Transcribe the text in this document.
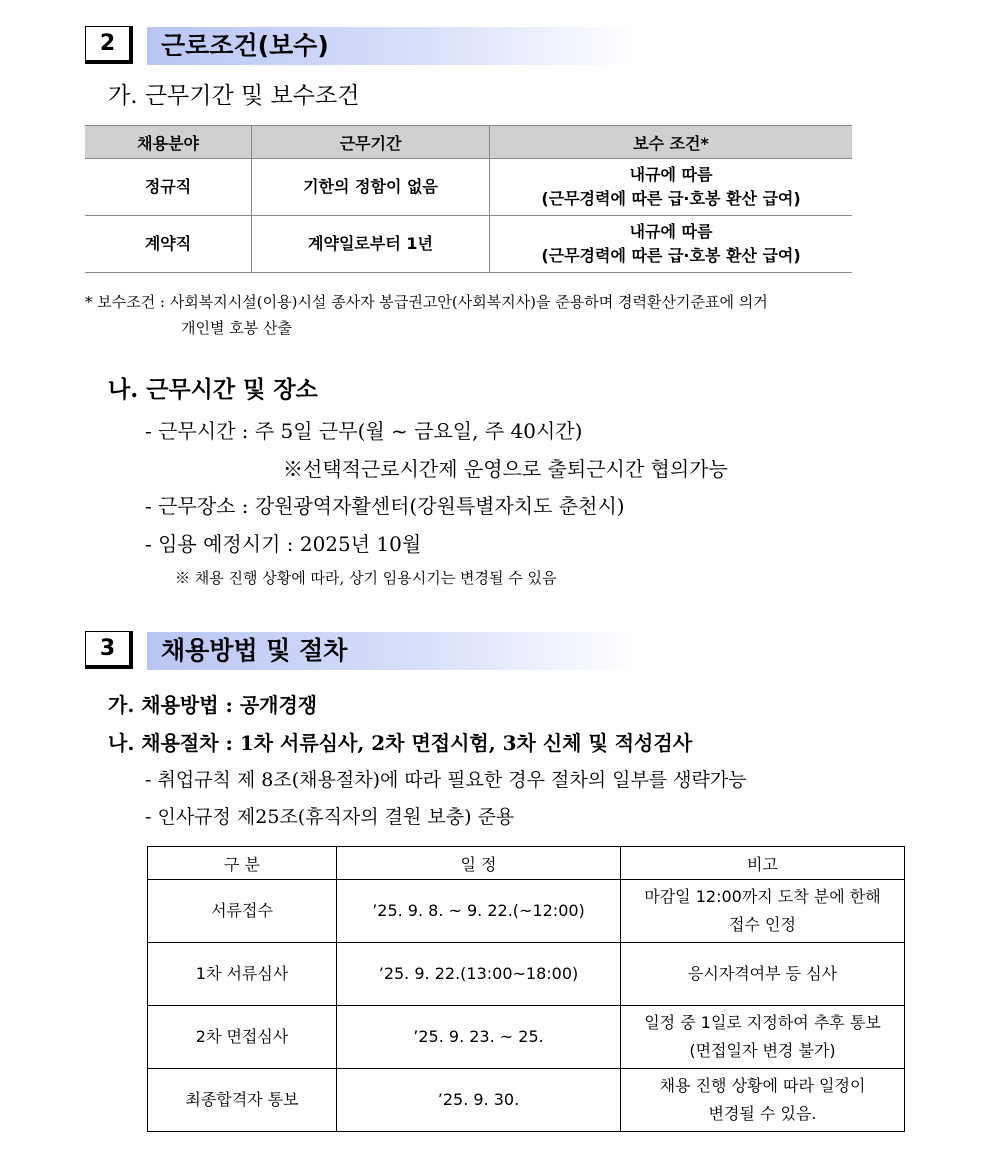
2	근로조건(보수)
가. 근무기간 및 보수조건
채용분야	근무기간	보수 조건*
정규직	기한의 정함이 없음	내규에 따름
(근무경력에 따른 급·호봉 환산 급여)

계약직	계약일로부터 1년	내규에 따름
(근무경력에 따른 급·호봉 환산 급여)
* 보수조건 : 사회복지시설(이용)시설 종사자 봉급권고안(사회복지사)을 준용하며 경력환산기준표에 의거
개인별 호봉 산출
나. 근무시간 및 장소
- 근무시간 : 주 5일 근무(월 ~ 금요일, 주 40시간)
※선택적근로시간제 운영으로 출퇴근시간 협의가능
- 근무장소 : 강원광역자활센터(강원특별자치도 춘천시)
- 임용 예정시기 : 2025년 10월
※ 채용 진행 상황에 따라, 상기 임용시기는 변경될 수 있음
3	채용방법 및 절차
가. 채용방법 : 공개경쟁
나. 채용절차 : 1차 서류심사, 2차 면접시험, 3차 신체 및 적성검사
- 취업규칙 제 8조(채용절차)에 따라 필요한 경우 절차의 일부를 생략가능
- 인사규정 제25조(휴직자의 결원 보충) 준용
구 분	일 정	비고
서류접수	’25. 9. 8. ~ 9. 22.(~12:00)	마감일 12:00까지 도착 분에 한해
접수 인정

1차 서류심사	’25. 9. 22.(13:00~18:00)	응시자격여부 등 심사

2차 면접심사	’25. 9. 23. ~ 25.	일정 중 1일로 지정하여 추후 통보
(면접일자 변경 불가)

최종합격자 통보	’25. 9. 30.	채용 진행 상황에 따라 일정이
변경될 수 있음.
